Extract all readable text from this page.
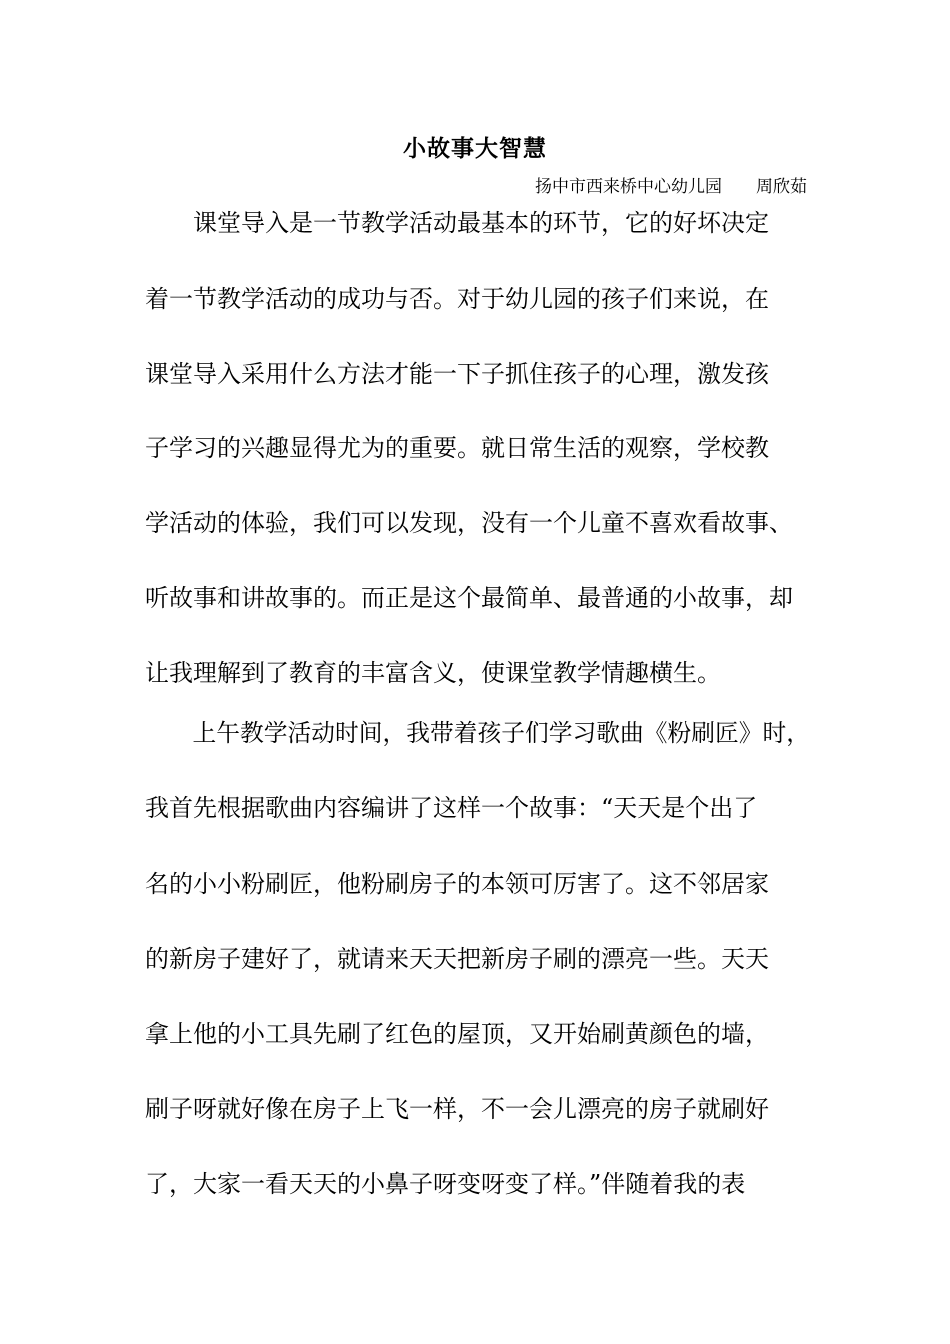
小故事大智慧
扬中市西来桥中心幼儿园　　周欣茹
　　课堂导入是一节教学活动最基本的环节，它的好坏决定
着一节教学活动的成功与否。对于幼儿园的孩子们来说，在
课堂导入采用什么方法才能一下子抓住孩子的心理，激发孩
子学习的兴趣显得尤为的重要。就日常生活的观察，学校教
学活动的体验，我们可以发现，没有一个儿童不喜欢看故事、
听故事和讲故事的。而正是这个最简单、最普通的小故事，却
让我理解到了教育的丰富含义，使课堂教学情趣横生。
　　上午教学活动时间，我带着孩子们学习歌曲《粉刷匠》时，
我首先根据歌曲内容编讲了这样一个故事：“天天是个出了
名的小小粉刷匠，他粉刷房子的本领可厉害了。这不邻居家
的新房子建好了，就请来天天把新房子刷的漂亮一些。天天
拿上他的小工具先刷了红色的屋顶，又开始刷黄颜色的墙，
刷子呀就好像在房子上飞一样，不一会儿漂亮的房子就刷好
了，大家一看天天的小鼻子呀变呀变了样。”伴随着我的表
